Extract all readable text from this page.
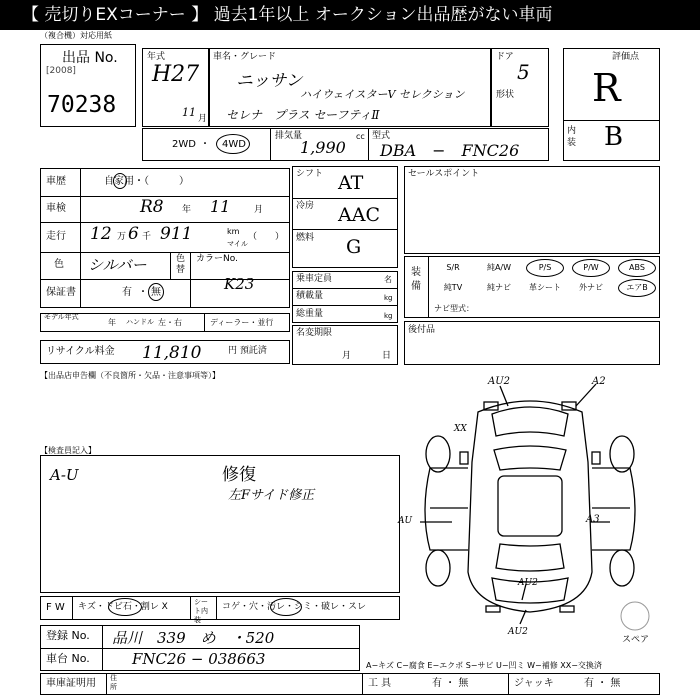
【 売切りEXコーナー 】 過去1年以上 オークション出品歴がない車両
（複合機）対応用紙
出品 No.
[2008]
70238
年式
H27
11 月
車名・グレード
ニッサン
ハイウェイスターV セレクション
セレナ　プラス セーフティⅡ
ドア
5
形状
評価点
R
内装 B
2WD ・ 4WD
排気量
1,990
cc 型式
DBA　−　FNC26
車歴	自家用・（　　　）
車検	R8 年 11	月
走行 12 万 6 千 911	km
マイル
（　　）
色 シルバー	色替
カラーNo.
K23
保証書	有 ・ 無
モデル年式
年 ハンドル 左・右	ディーラー・並行
リサイクル料金 11,810	円 預託済
シフト AT
冷房 AAC
燃料 G
乗車定員	名
積載量	kg
総重量	kg
名変期限
月	日
セールスポイント
装備
S/R	純A/W	P/S	P/W	ABS
純TV	純ナビ	革シート	外ナビ	エアB
ナビ型式：
後付品
【出品店申告欄（不良箇所・欠品・注意事項等）】
【検査員記入】
A-U	修復
左Fサイド修正
AU2	A2
XX
AU	A3
AU2
AU2
スペア
F W キズ・ドビ石・割レ X	シート内装
コゲ・穴・汚レ・シミ・破レ・スレ
登録 No. 品川　339　め　・520
車台 No.	FNC26 − 038663	A−キズ C−腐食 E−エクボ S−サビ U−凹ミ W−補修 XX−交換済
車庫証明用 住所	工 具	有 ・ 無	ジャッキ	有 ・ 無
